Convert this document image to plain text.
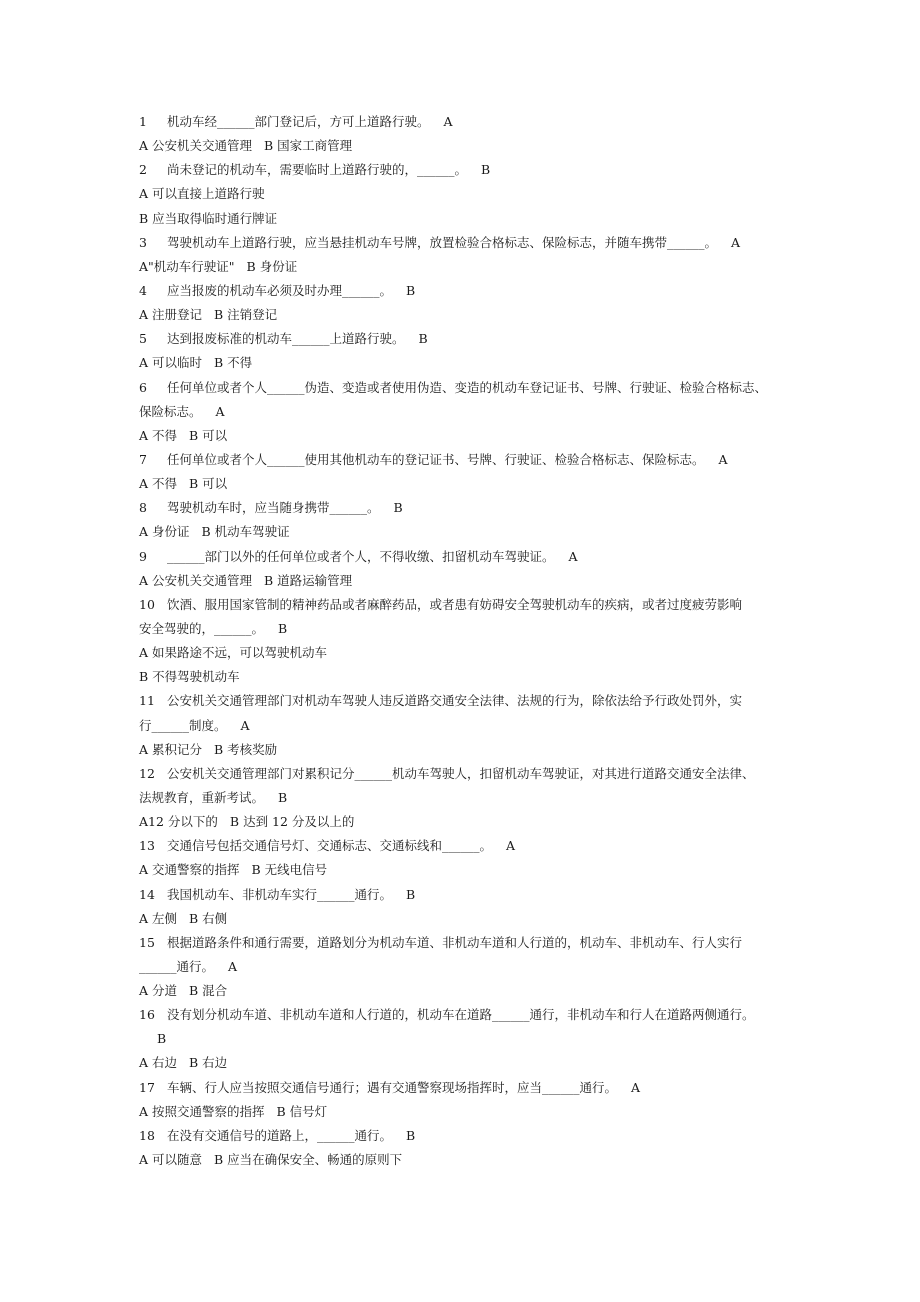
1 机动车经______部门登记后，方可上道路行驶。 A
A 公安机关交通管理 B 国家工商管理
2 尚未登记的机动车，需要临时上道路行驶的，______。 B
A 可以直接上道路行驶
B 应当取得临时通行牌证
3 驾驶机动车上道路行驶，应当悬挂机动车号牌，放置检验合格标志、保险标志，并随车携带______。 A
A"机动车行驶证" B 身份证
4 应当报废的机动车必须及时办理______。 B
A 注册登记 B 注销登记
5 达到报废标准的机动车______上道路行驶。 B
A 可以临时 B 不得
6 任何单位或者个人______伪造、变造或者使用伪造、变造的机动车登记证书、号牌、行驶证、检验合格标志、
保险标志。 A
A 不得 B 可以
7 任何单位或者个人______使用其他机动车的登记证书、号牌、行驶证、检验合格标志、保险标志。 A
A 不得 B 可以
8 驾驶机动车时，应当随身携带______。 B
A 身份证 B 机动车驾驶证
9 ______部门以外的任何单位或者个人，不得收缴、扣留机动车驾驶证。 A
A 公安机关交通管理 B 道路运输管理
10 饮酒、服用国家管制的精神药品或者麻醉药品，或者患有妨碍安全驾驶机动车的疾病，或者过度疲劳影响
安全驾驶的，______。 B
A 如果路途不远，可以驾驶机动车
B 不得驾驶机动车
11 公安机关交通管理部门对机动车驾驶人违反道路交通安全法律、法规的行为，除依法给予行政处罚外，实
行______制度。 A
A 累积记分 B 考核奖励
12 公安机关交通管理部门对累积记分______机动车驾驶人，扣留机动车驾驶证，对其进行道路交通安全法律、
法规教育，重新考试。 B
A12 分以下的 B 达到 12 分及以上的
13 交通信号包括交通信号灯、交通标志、交通标线和______。 A
A 交通警察的指挥 B 无线电信号
14 我国机动车、非机动车实行______通行。 B
A 左侧 B 右侧
15 根据道路条件和通行需要，道路划分为机动车道、非机动车道和人行道的，机动车、非机动车、行人实行
______通行。 A
A 分道 B 混合
16 没有划分机动车道、非机动车道和人行道的，机动车在道路______通行，非机动车和行人在道路两侧通行。
B
A 右边 B 右边
17 车辆、行人应当按照交通信号通行；遇有交通警察现场指挥时，应当______通行。 A
A 按照交通警察的指挥 B 信号灯
18 在没有交通信号的道路上，______通行。 B
A 可以随意 B 应当在确保安全、畅通的原则下
